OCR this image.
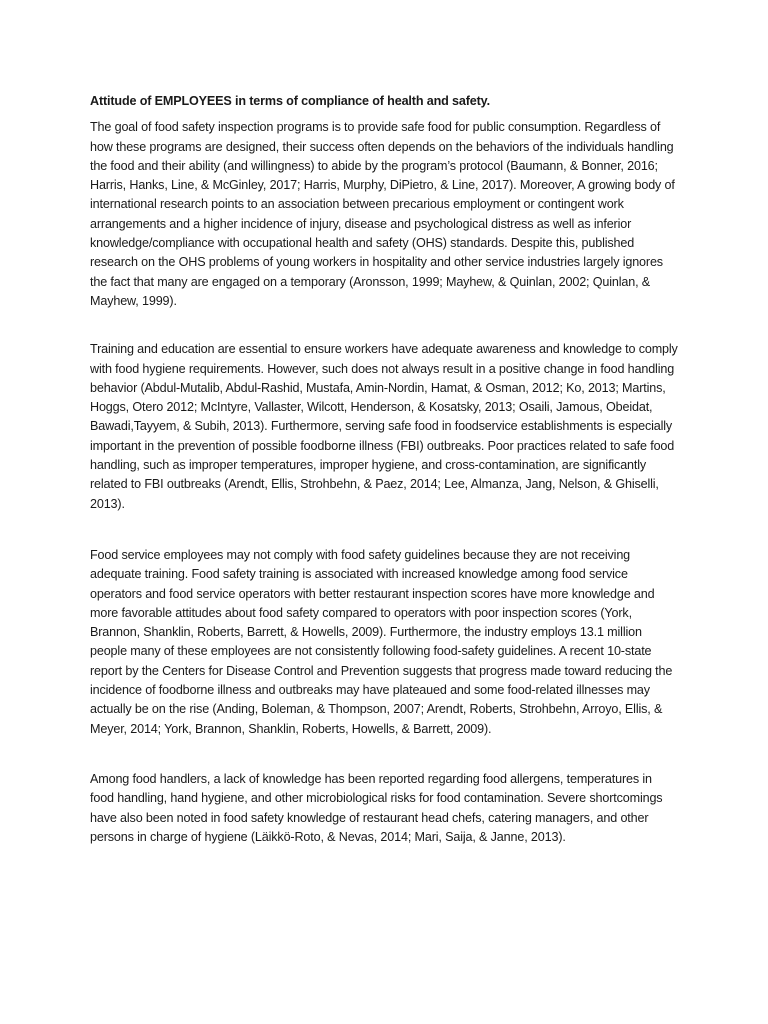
Attitude of EMPLOYEES in terms of compliance of health and safety.

The goal of food safety inspection programs is to provide safe food for public consumption. Regardless of how these programs are designed, their success often depends on the behaviors of the individuals handling the food and their ability (and willingness) to abide by the program’s protocol (Baumann, & Bonner, 2016; Harris, Hanks, Line, & McGinley, 2017; Harris, Murphy, DiPietro, & Line, 2017). Moreover, A growing body of international research points to an association between precarious employment or contingent work arrangements and a higher incidence of injury, disease and psychological distress as well as inferior knowledge/compliance with occupational health and safety (OHS) standards. Despite this, published research on the OHS problems of young workers in hospitality and other service industries largely ignores the fact that many are engaged on a temporary (Aronsson, 1999; Mayhew, & Quinlan, 2002; Quinlan, & Mayhew, 1999).

Training and education are essential to ensure workers have adequate awareness and knowledge to comply with food hygiene requirements. However, such does not always result in a positive change in food handling behavior (Abdul-Mutalib, Abdul-Rashid, Mustafa, Amin-Nordin, Hamat, & Osman, 2012; Ko, 2013; Martins, Hoggs, Otero 2012; McIntyre, Vallaster, Wilcott, Henderson, & Kosatsky, 2013; Osaili, Jamous, Obeidat, Bawadi,Tayyem, & Subih, 2013). Furthermore, serving safe food in foodservice establishments is especially important in the prevention of possible foodborne illness (FBI) outbreaks. Poor practices related to safe food handling, such as improper temperatures, improper hygiene, and cross-contamination, are significantly related to FBI outbreaks (Arendt, Ellis, Strohbehn, & Paez, 2014; Lee, Almanza, Jang, Nelson, & Ghiselli, 2013).

Food service employees may not comply with food safety guidelines because they are not receiving adequate training. Food safety training is associated with increased knowledge among food service operators and food service operators with better restaurant inspection scores have more knowledge and more favorable attitudes about food safety compared to operators with poor inspection scores (York, Brannon, Shanklin, Roberts, Barrett, & Howells, 2009). Furthermore, the industry employs 13.1 million people many of these employees are not consistently following food-safety guidelines. A recent 10-state report by the Centers for Disease Control and Prevention suggests that progress made toward reducing the incidence of foodborne illness and outbreaks may have plateaued and some food-related illnesses may actually be on the rise (Anding, Boleman, & Thompson, 2007; Arendt, Roberts, Strohbehn, Arroyo, Ellis, & Meyer, 2014; York, Brannon, Shanklin, Roberts, Howells, & Barrett, 2009).

Among food handlers, a lack of knowledge has been reported regarding food allergens, temperatures in food handling, hand hygiene, and other microbiological risks for food contamination. Severe shortcomings have also been noted in food safety knowledge of restaurant head chefs, catering managers, and other persons in charge of hygiene (Läikkö-Roto, & Nevas, 2014; Mari, Saija, & Janne, 2013).
